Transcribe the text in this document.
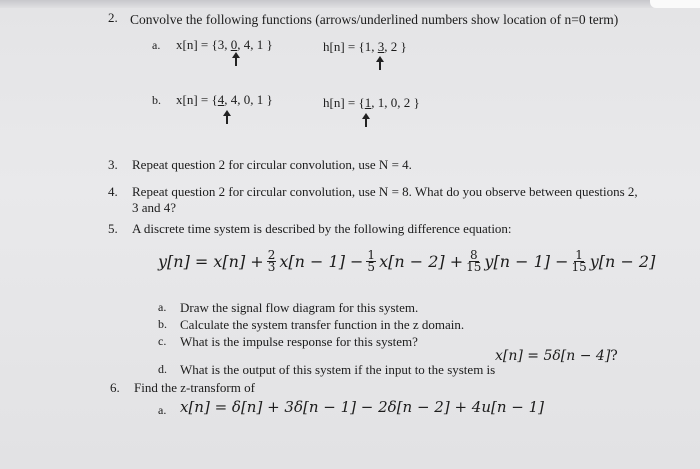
2. Convolve the following functions (arrows/underlined numbers show location of n=0 term)
a. x[n] = {3, 0, 4, 1 }	h[n] = {1, 3, 2 }
b. x[n] = {4, 4, 0, 1 }	h[n] = {1, 1, 0, 2 }
3. Repeat question 2 for circular convolution, use N = 4.
4. Repeat question 2 for circular convolution, use N = 8. What do you observe between questions 2,
3 and 4?
5. A discrete time system is described by the following difference equation:
$y[n] = x[n] + \frac{2}{3} x[n - 1] - \frac{1}{5} x[n - 2] + \frac{8}{15} y[n - 1] - \frac{1}{15} y[n - 2]$
a. Draw the signal flow diagram for this system.
b. Calculate the system transfer function in the z domain.
c. What is the impulse response for this system?
d. What is the output of this system if the input to the system is
x[n] = 5δ[n − 4]?
6. Find the z-transform of
a. x[n] = δ[n] + 3δ[n − 1] − 2δ[n − 2] + 4u[n − 1]
